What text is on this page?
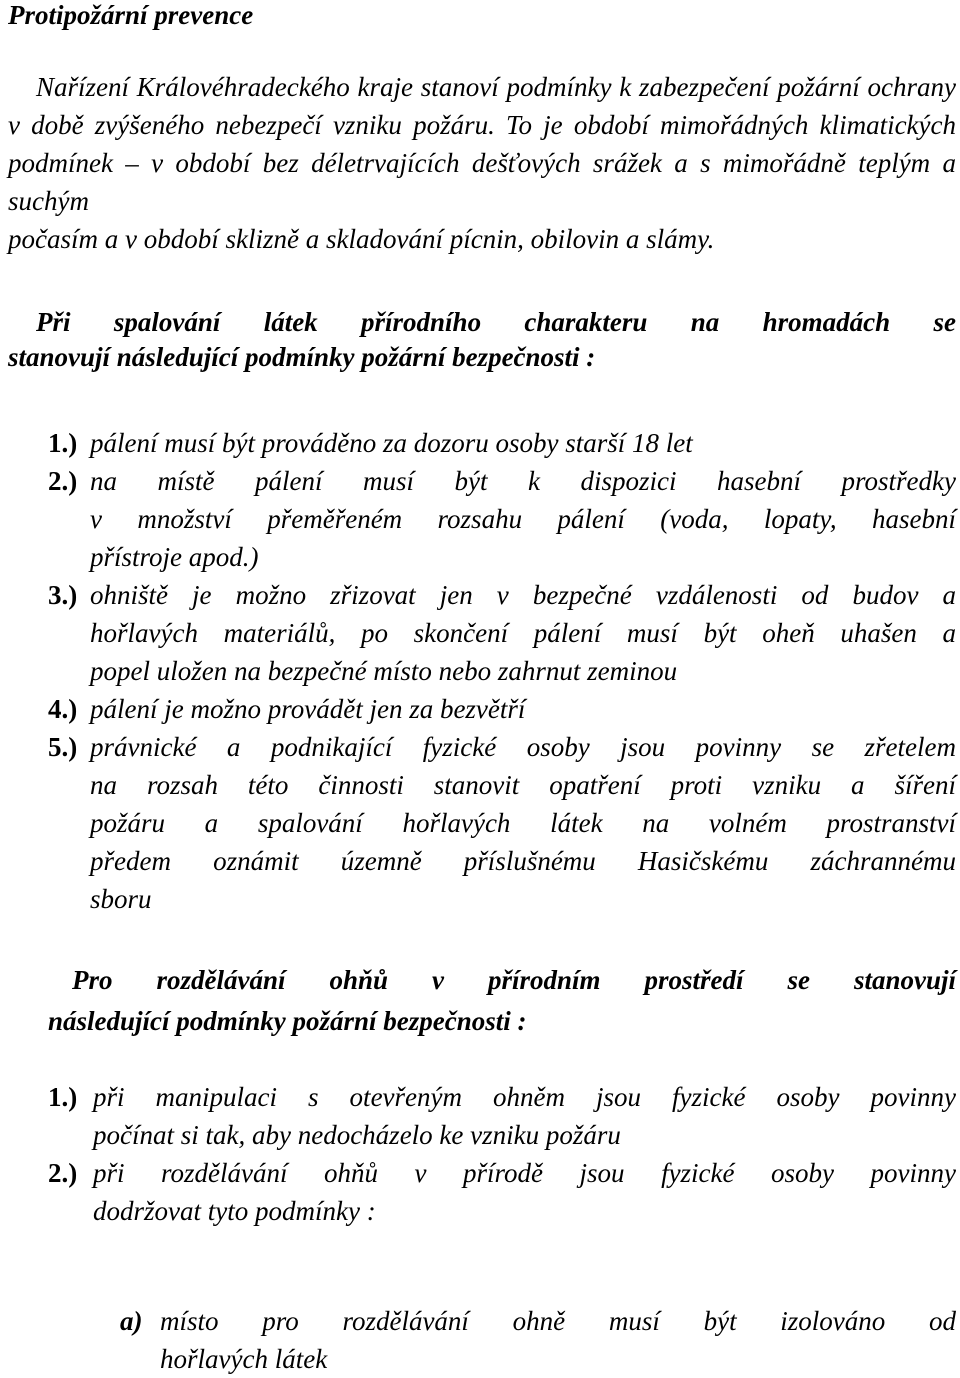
Protipožární prevence
Nařízení Královéhradeckého kraje stanoví podmínky k zabezpečení požární ochrany v době zvýšeného nebezpečí vzniku požáru. To je období mimořádných klimatických podmínek – v období bez déletrvajících dešťových srážek a s mimořádně teplým a suchým
počasím a v období sklizně a skladování pícnin, obilovin a slámy.
Při spalování látek přírodního charakteru na hromadách se
stanovují následující podmínky požární bezpečnosti :
1.) pálení musí být prováděno za dozoru osoby starší 18 let
2.) na místě pálení musí být k dispozici hasební prostředky
v množství přeměřeném rozsahu pálení (voda, lopaty, hasební
přístroje apod.)
3.) ohniště je možno zřizovat jen v bezpečné vzdálenosti od budov a
hořlavých materiálů, po skončení pálení musí být oheň uhašen a
popel uložen na bezpečné místo nebo zahrnut zeminou
4.) pálení je možno provádět jen za bezvětří
5.) právnické a podnikající fyzické osoby jsou povinny se zřetelem
na rozsah této činnosti stanovit opatření proti vzniku a šíření
požáru a spalování hořlavých látek na volném prostranství
předem oznámit územně příslušnému Hasičskému záchrannému
sboru
Pro rozdělávání ohňů v přírodním prostředí se stanovují
následující podmínky požární bezpečnosti :
1.) při manipulaci s otevřeným ohněm jsou fyzické osoby povinny
počínat si tak, aby nedocházelo ke vzniku požáru
2.) při rozdělávání ohňů v přírodě jsou fyzické osoby povinny
dodržovat tyto podmínky :
a) místo pro rozdělávání ohně musí být izolováno od
hořlavých látek
